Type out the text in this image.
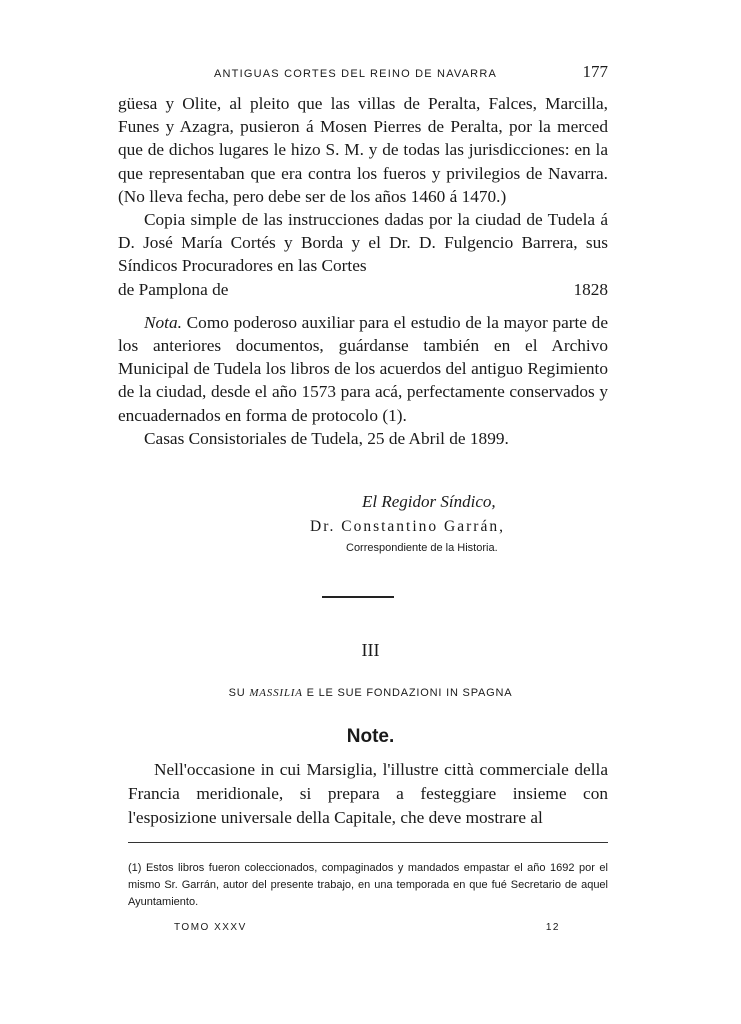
ANTIGUAS CORTES DEL REINO DE NAVARRA	177

güesa y Olite, al pleito que las villas de Peralta, Falces, Marcilla, Funes y Azagra, pusieron á Mosen Pierres de Peralta, por la merced que de dichos lugares le hizo S. M. y de todas las jurisdicciones: en la que representaban que era contra los fueros y privilegios de Navarra. (No lleva fecha, pero debe ser de los años 1460 á 1470.)

Copia simple de las instrucciones dadas por la ciudad de Tudela á D. José María Cortés y Borda y el Dr. D. Fulgencio Barrera, sus Síndicos Procuradores en las Cortes

de Pamplona de	1828

Nota. Como poderoso auxiliar para el estudio de la mayor parte de los anteriores documentos, guárdanse también en el Archivo Municipal de Tudela los libros de los acuerdos del antiguo Regimiento de la ciudad, desde el año 1573 para acá, perfectamente conservados y encuadernados en forma de protocolo (1).

Casas Consistoriales de Tudela, 25 de Abril de 1899.

El Regidor Síndico,
Dr. Constantino Garrán,
Correspondiente de la Historia.
III
SU MASSILIA E LE SUE FONDAZIONI IN SPAGNA
Note.

Nell'occasione in cui Marsiglia, l'illustre città commerciale della Francia meridionale, si prepara a festeggiare insieme con l'esposizione universale della Capitale, che deve mostrare al

(1) Estos libros fueron coleccionados, compaginados y mandados empastar el año 1692 por el mismo Sr. Garrán, autor del presente trabajo, en una temporada en que fué Secretario de aquel Ayuntamiento.
TOMO XXXV	12
